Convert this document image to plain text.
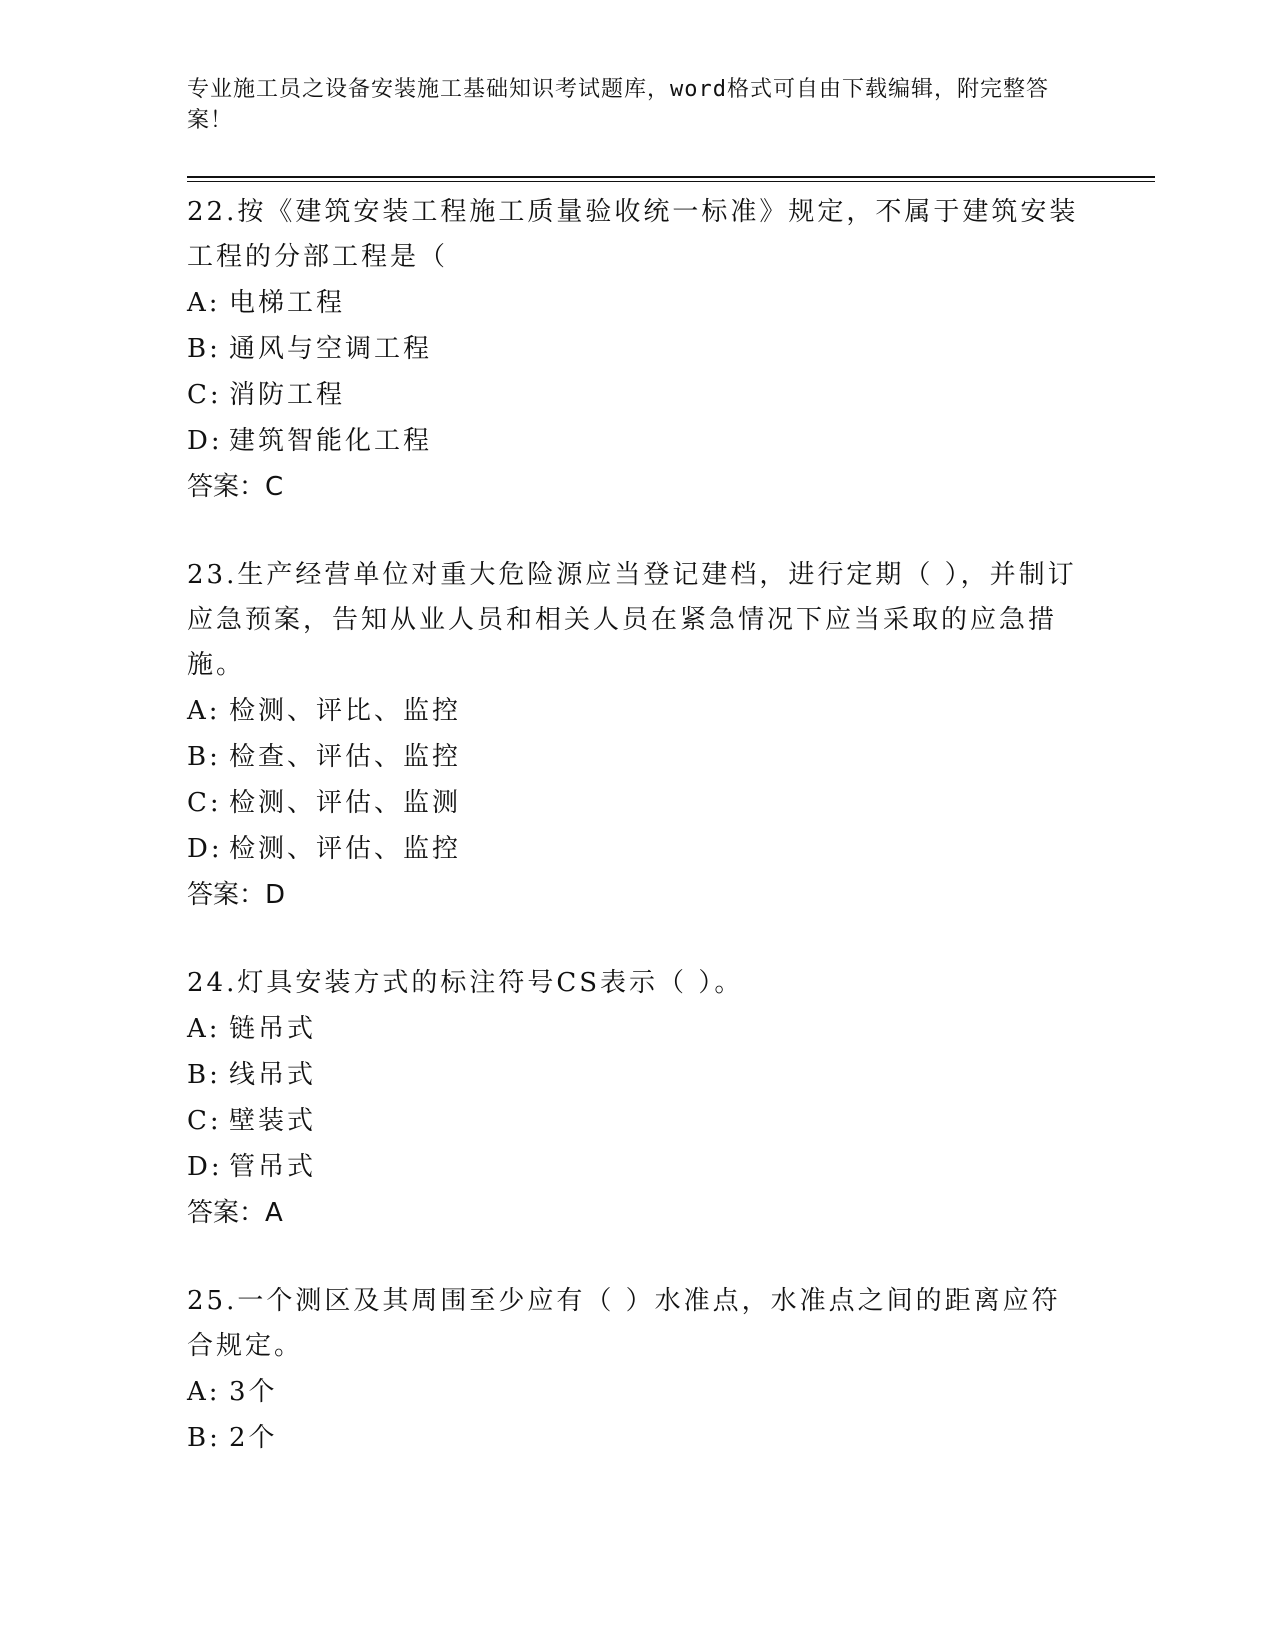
专业施工员之设备安装施工基础知识考试题库，word格式可自由下载编辑，附完整答案！
22.按《建筑安装工程施工质量验收统一标准》规定，不属于建筑安装工程的分部工程是（
A: 电梯工程
B: 通风与空调工程
C: 消防工程
D: 建筑智能化工程
答案：C
23.生产经营单位对重大危险源应当登记建档，进行定期（ ），并制订应急预案，告知从业人员和相关人员在紧急情况下应当采取的应急措施。
A: 检测、评比、监控
B: 检查、评估、监控
C: 检测、评估、监测
D: 检测、评估、监控
答案：D
24.灯具安装方式的标注符号CS表示（ ）。
A: 链吊式
B: 线吊式
C: 壁装式
D: 管吊式
答案：A
25.一个测区及其周围至少应有（ ）水准点，水准点之间的距离应符合规定。
A: 3个
B: 2个
